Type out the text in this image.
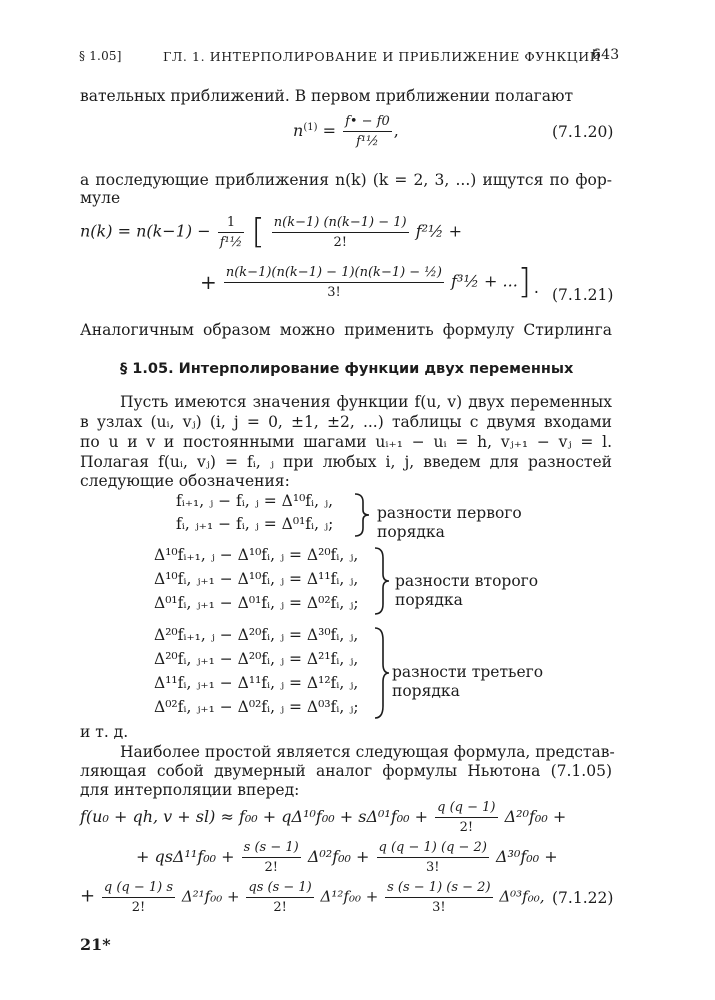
§ 1.05]	ГЛ. 1. ИНТЕРПОЛИРОВАНИЕ И ПРИБЛИЖЕНИЕ ФУНКЦИЙ
643
вательных приближений. В первом приближении полагают
$n^{(1)} = \frac{f• - f0}{\text{f¹½}}$ ,	(7.1.20)
а последующие приближения n(k) (k = 2, 3, ...) ищутся по фор-
муле
$n(k) = n(k-1) - \frac{1}{\text{f¹½}}$ [ $\frac{n(k-1) (n(k-1) - 1)}{2!}$ f²½ +
+ $\frac{\text{n(k−1)(n(k−1) − 1)(n(k−1) − ½)}}{3!}$ f³½ + ...]. (7.1.21)
Аналогичным образом можно применить формулу Стирлинга
§ 1.05. Интерполирование функции двух переменных
Пусть имеются значения функции f(u, v) двух переменных
в узлах (uᵢ, vⱼ) (i, j = 0, ±1, ±2, ...) таблицы с двумя входами
по u и v и постоянными шагами uᵢ₊₁ − uᵢ = h, vⱼ₊₁ − vⱼ = l.
Полагая f(uᵢ, vⱼ) = fᵢ, ⱼ при любых i, j, введем для разностей
следующие обозначения:
fᵢ₊₁, ⱼ − fᵢ, ⱼ = Δ¹⁰fᵢ, ⱼ,
fᵢ, ⱼ₊₁ − fᵢ, ⱼ = Δ⁰¹fᵢ, ⱼ;
разности первого
порядка
Δ¹⁰fᵢ₊₁, ⱼ − Δ¹⁰fᵢ, ⱼ = Δ²⁰fᵢ, ⱼ,
Δ¹⁰fᵢ, ⱼ₊₁ − Δ¹⁰fᵢ, ⱼ = Δ¹¹fᵢ, ⱼ,
Δ⁰¹fᵢ, ⱼ₊₁ − Δ⁰¹fᵢ, ⱼ = Δ⁰²fᵢ, ⱼ;
разности второго
порядка
Δ²⁰fᵢ₊₁, ⱼ − Δ²⁰fᵢ, ⱼ = Δ³⁰fᵢ, ⱼ,
Δ²⁰fᵢ, ⱼ₊₁ − Δ²⁰fᵢ, ⱼ = Δ²¹fᵢ, ⱼ,
Δ¹¹fᵢ, ⱼ₊₁ − Δ¹¹fᵢ, ⱼ = Δ¹²fᵢ, ⱼ,
Δ⁰²fᵢ, ⱼ₊₁ − Δ⁰²fᵢ, ⱼ = Δ⁰³fᵢ, ⱼ;
разности третьего
порядка
и т. д.
Наиболее простой является следующая формула, представ-
ляющая собой двумерный аналог формулы Ньютона (7.1.05)
для интерполяции вперед:
f(u₀ + qh, $v + sl) \approx f_{00} + q\Delta^{10}f_{00} + s\Delta^{01}f_{00} + \frac{q (q - 1)}{2!} \Delta^{20}f_{00}$ +
+ $qs\Delta^{11}f_{00} + \frac{s (s - 1)}{2!} \Delta^{02}f_{00} + \frac{q (q - 1) (q - 2)}{3!} \Delta^{30}f_{00}$ +
+ $\frac{q (q - 1) s}{2!} \Delta^{21}f_{00} + \frac{qs (s - 1)}{2!} \Delta^{12}f_{00} + \frac{s (s - 1) (s - 2)}{3!} \Delta^{03}f_{00}$, (7.1.22)
21*
